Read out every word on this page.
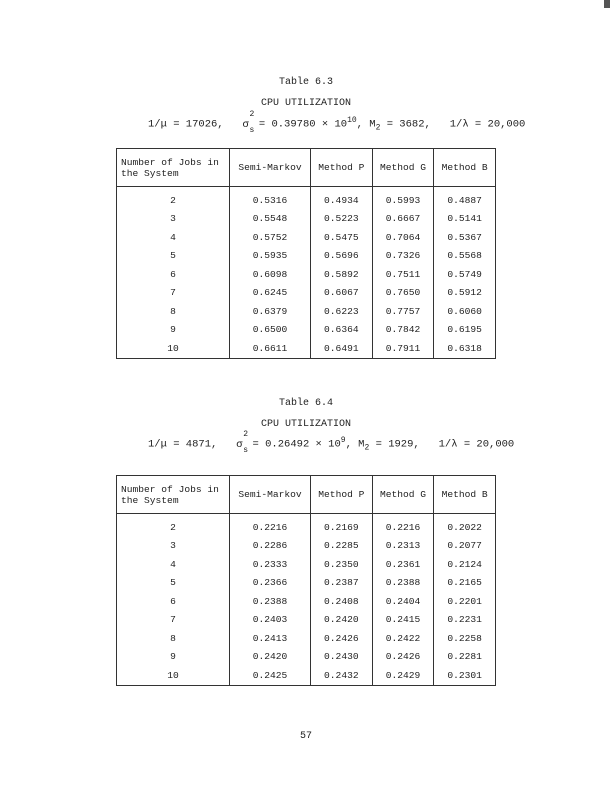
Table 6.3
CPU UTILIZATION
1/μ = 17026, σ
2
$s = 0.39780 \times 10^{10}$, $M_2 = 3682$, 1/λ = 20,000
Number of Jobs in the System	Semi-Markov	Method P	Method G	Method B
2	0.5316	0.4934	0.5993	0.4887
3	0.5548	0.5223	0.6667	0.5141
4	0.5752	0.5475	0.7064	0.5367
5	0.5935	0.5696	0.7326	0.5568
6	0.6098	0.5892	0.7511	0.5749
7	0.6245	0.6067	0.7650	0.5912
8	0.6379	0.6223	0.7757	0.6060
9	0.6500	0.6364	0.7842	0.6195
10	0.6611	0.6491	0.7911	0.6318
Table 6.4
CPU UTILIZATION
1/μ = 4871, σ
2
$s = 0.26492 \times 10^9$, $M_2 = 1929$, 1/λ = 20,000
Number of Jobs in the System	Semi-Markov	Method P	Method G	Method B
2	0.2216	0.2169	0.2216	0.2022
3	0.2286	0.2285	0.2313	0.2077
4	0.2333	0.2350	0.2361	0.2124
5	0.2366	0.2387	0.2388	0.2165
6	0.2388	0.2408	0.2404	0.2201
7	0.2403	0.2420	0.2415	0.2231
8	0.2413	0.2426	0.2422	0.2258
9	0.2420	0.2430	0.2426	0.2281
10	0.2425	0.2432	0.2429	0.2301
57
